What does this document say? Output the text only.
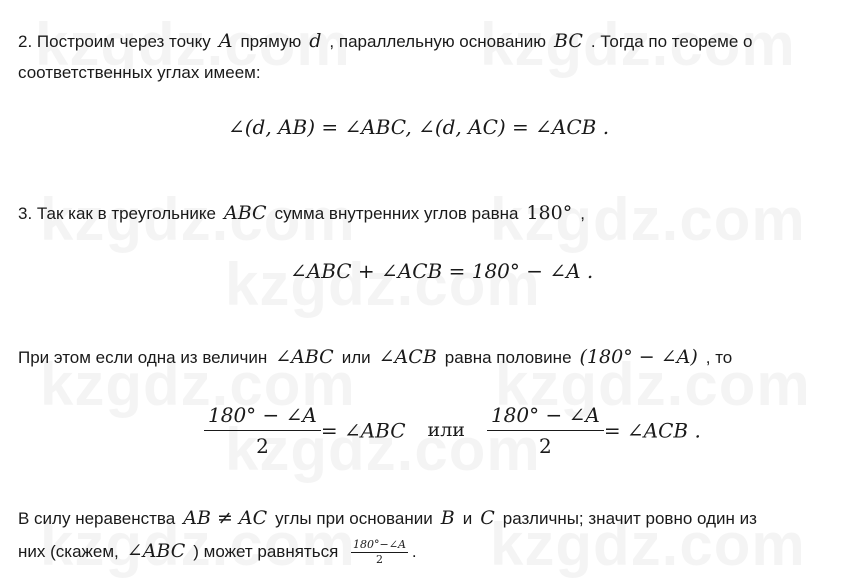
2. Построим через точку A прямую d , параллельную основанию BC . Тогда по теореме о
соответственных углах имеем:
∠(d, AB) = ∠ABC, ∠(d, AC) = ∠ACB .
3. Так как в треугольнике ABC сумма внутренних углов равна 180° ,
∠ABC + ∠ACB = 180° − ∠A .
При этом если одна из величин ∠ABC или ∠ACB равна половине (180° − ∠A) , то
$\frac{180^\circ - \angle A}{2}$ = ∠ABC или $\frac{180^\circ - \angle A}{2}$ = ∠ACB .
В силу неравенства AB ≠ AC углы при основании B и C различны; значит ровно один из
них (скажем, ∠ABC ) может равняться $\frac{180^\circ-\angle A}{2}$ .
